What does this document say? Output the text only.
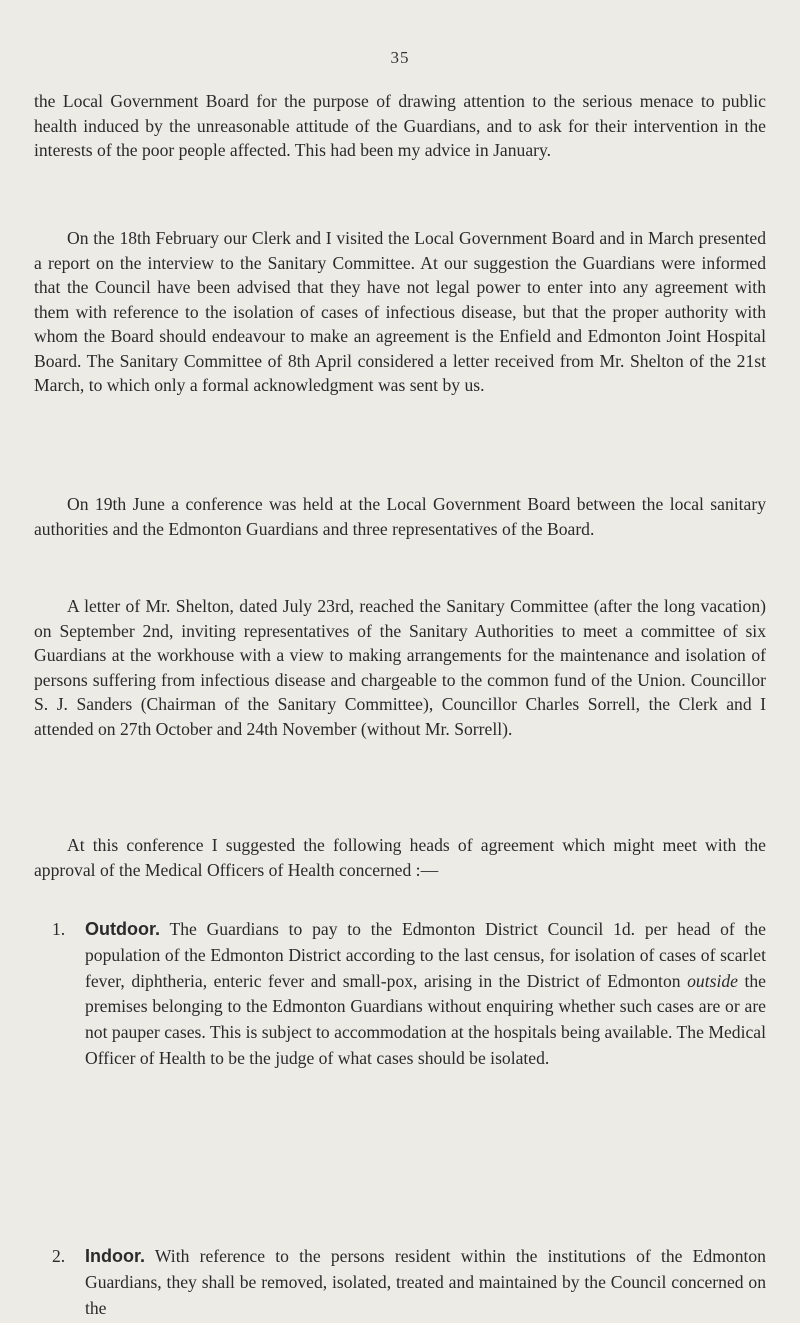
35

the Local Government Board for the purpose of drawing attention to the serious menace to public health induced by the unreasonable attitude of the Guardians, and to ask for their intervention in the interests of the poor people affected. This had been my advice in January.

On the 18th February our Clerk and I visited the Local Government Board and in March presented a report on the interview to the Sanitary Committee. At our suggestion the Guardians were informed that the Council have been advised that they have not legal power to enter into any agreement with them with reference to the isolation of cases of infectious disease, but that the proper authority with whom the Board should endeavour to make an agreement is the Enfield and Edmonton Joint Hospital Board. The Sanitary Committee of 8th April considered a letter received from Mr. Shelton of the 21st March, to which only a formal acknowledgment was sent by us.

On 19th June a conference was held at the Local Government Board between the local sanitary authorities and the Edmonton Guardians and three representatives of the Board.

A letter of Mr. Shelton, dated July 23rd, reached the Sanitary Committee (after the long vacation) on September 2nd, inviting representatives of the Sanitary Authorities to meet a committee of six Guardians at the workhouse with a view to making arrangements for the maintenance and isolation of persons suffering from infectious disease and chargeable to the common fund of the Union. Councillor S. J. Sanders (Chairman of the Sanitary Committee), Councillor Charles Sorrell, the Clerk and I attended on 27th October and 24th November (without Mr. Sorrell).

At this conference I suggested the following heads of agreement which might meet with the approval of the Medical Officers of Health concerned :—

1. Outdoor. The Guardians to pay to the Edmonton District Council 1d. per head of the population of the Edmonton District according to the last census, for isolation of cases of scarlet fever, diphtheria, enteric fever and small-pox, arising in the District of Edmonton outside the premises belonging to the Edmonton Guardians without enquiring whether such cases are or are not pauper cases. This is subject to accommodation at the hospitals being available. The Medical Officer of Health to be the judge of what cases should be isolated.
2. Indoor. With reference to the persons resident within the institutions of the Edmonton Guardians, they shall be removed, isolated, treated and maintained by the Council concerned on the
